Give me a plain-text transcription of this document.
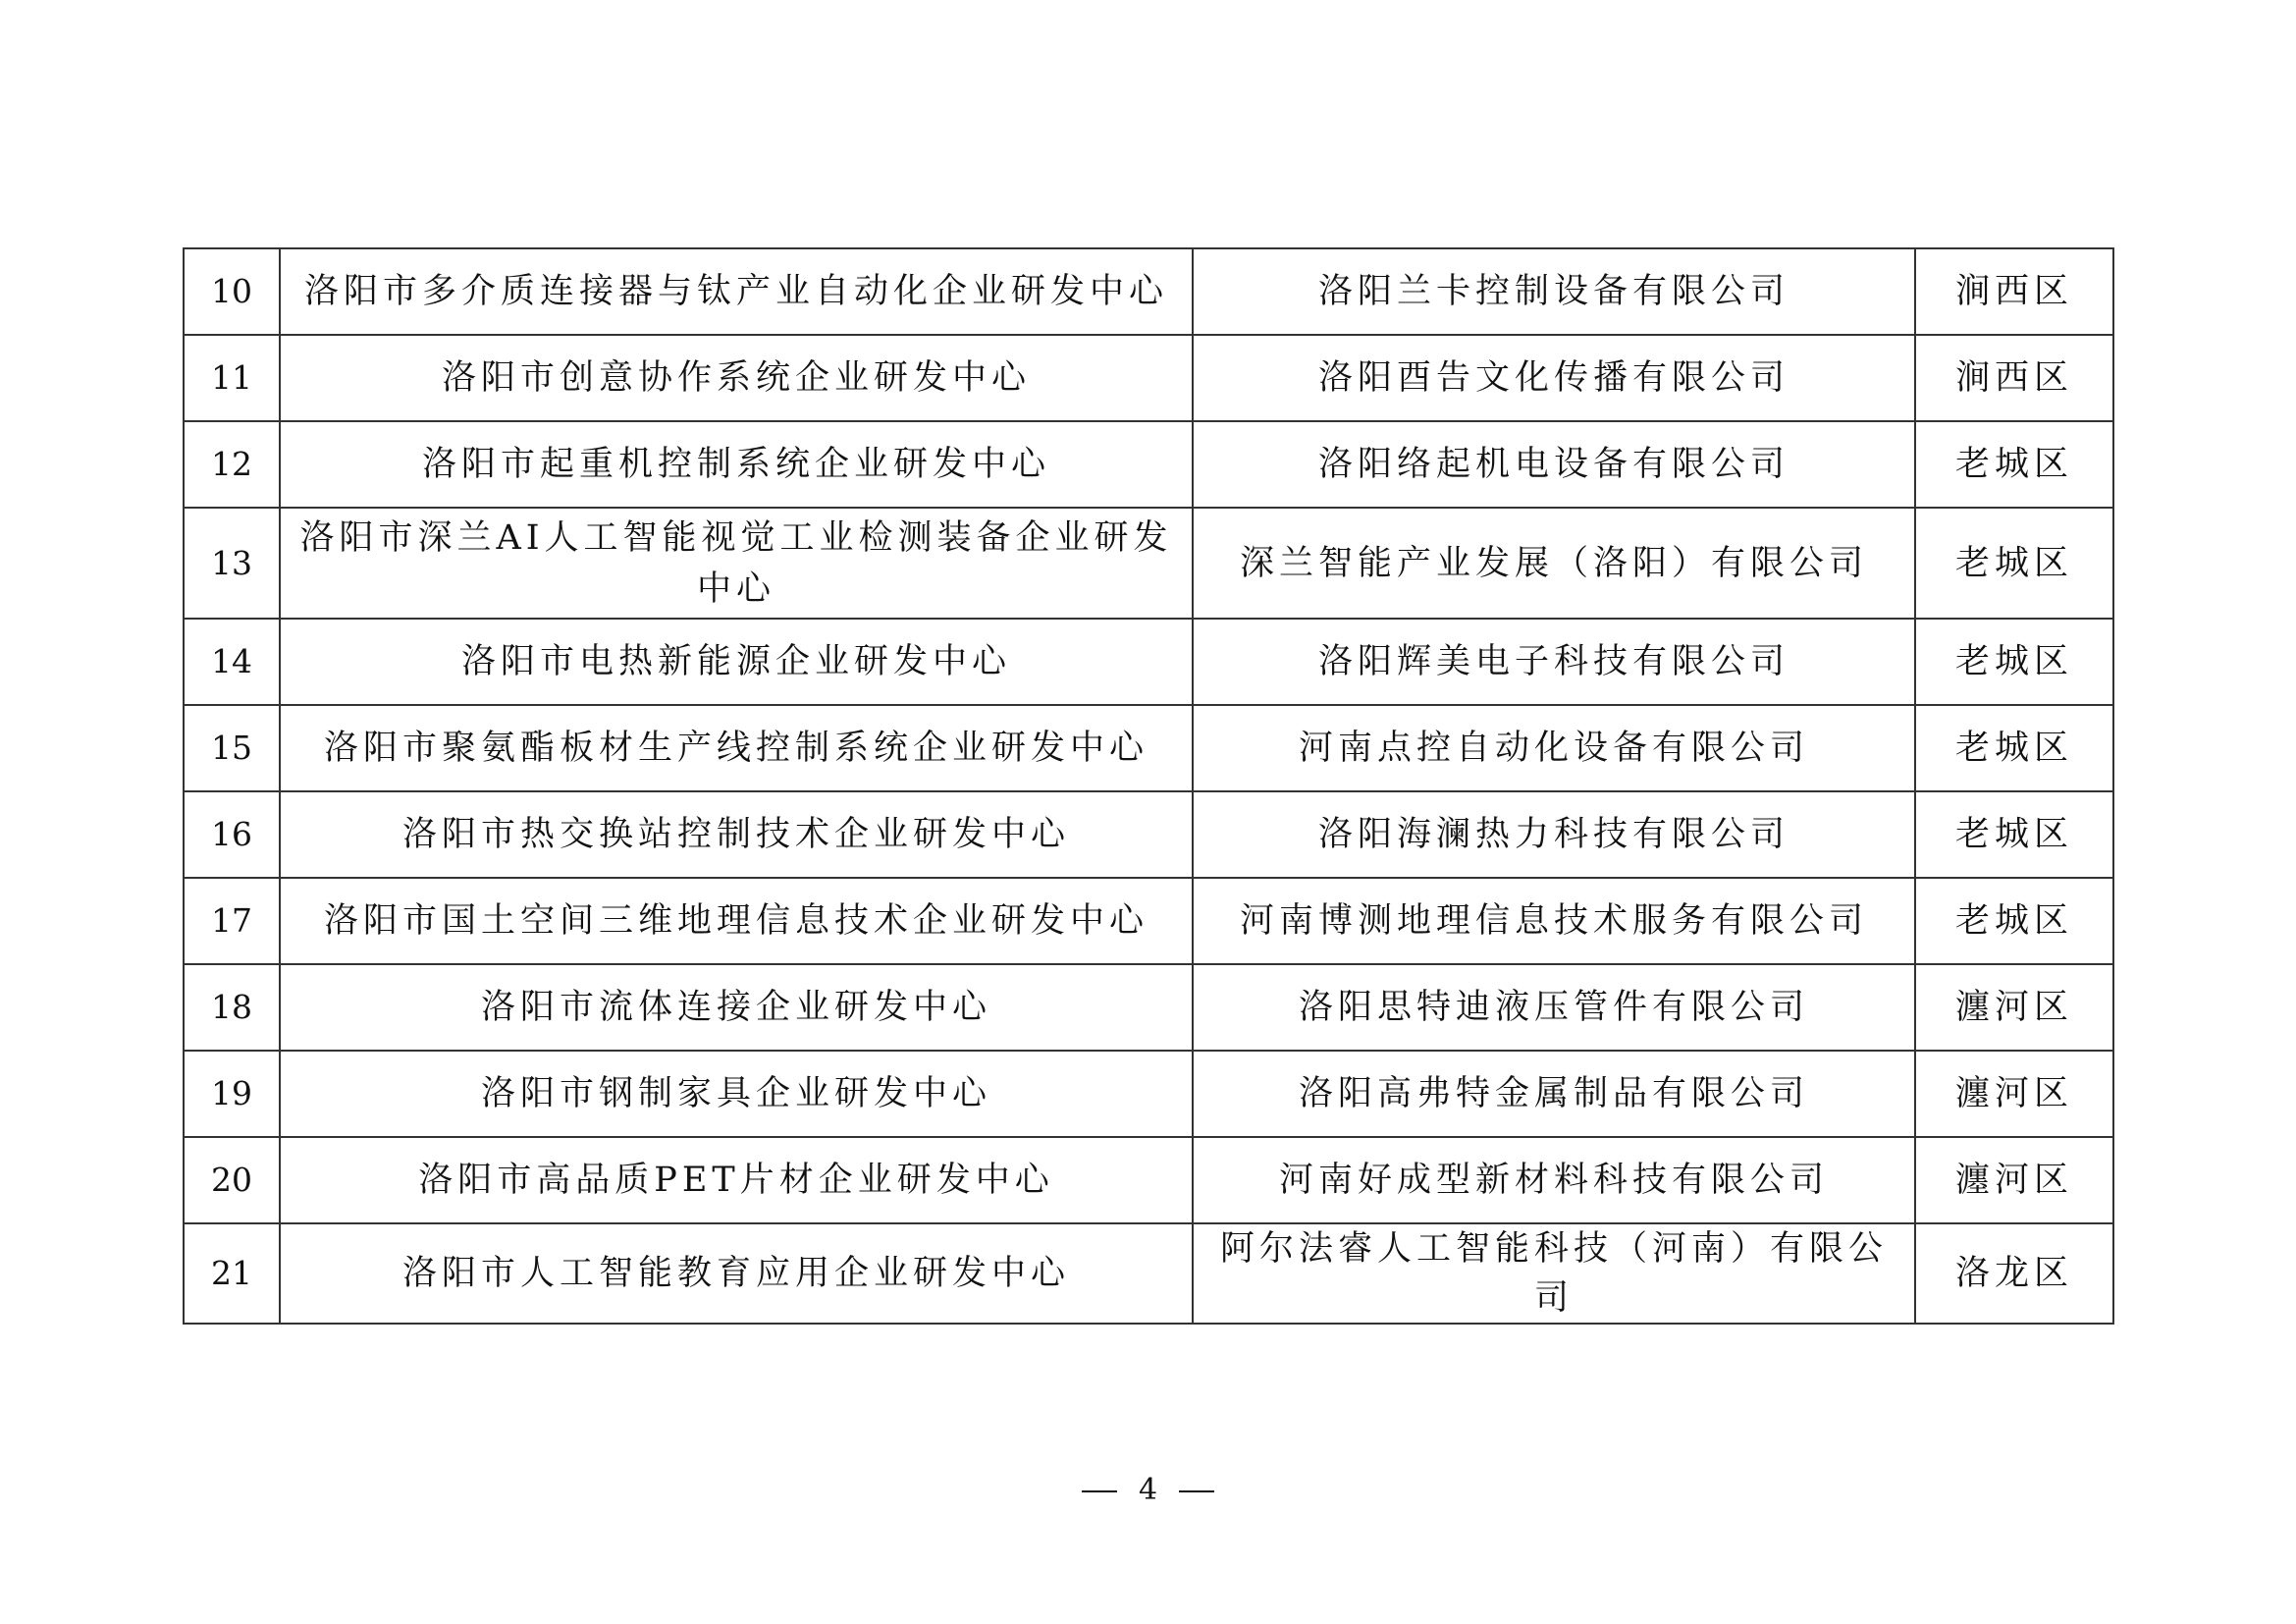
10	洛阳市多介质连接器与钛产业自动化企业研发中心	洛阳兰卡控制设备有限公司	涧西区
11	洛阳市创意协作系统企业研发中心	洛阳酉告文化传播有限公司	涧西区
12	洛阳市起重机控制系统企业研发中心	洛阳络起机电设备有限公司	老城区
13	洛阳市深兰AI人工智能视觉工业检测装备企业研发中心	深兰智能产业发展（洛阳）有限公司	老城区
14	洛阳市电热新能源企业研发中心	洛阳辉美电子科技有限公司	老城区
15	洛阳市聚氨酯板材生产线控制系统企业研发中心	河南点控自动化设备有限公司	老城区
16	洛阳市热交换站控制技术企业研发中心	洛阳海澜热力科技有限公司	老城区
17	洛阳市国土空间三维地理信息技术企业研发中心	河南博测地理信息技术服务有限公司	老城区
18	洛阳市流体连接企业研发中心	洛阳思特迪液压管件有限公司	瀍河区
19	洛阳市钢制家具企业研发中心	洛阳高弗特金属制品有限公司	瀍河区
20	洛阳市高品质PET片材企业研发中心	河南好成型新材料科技有限公司	瀍河区
21	洛阳市人工智能教育应用企业研发中心	阿尔法睿人工智能科技（河南）有限公司	洛龙区
4
